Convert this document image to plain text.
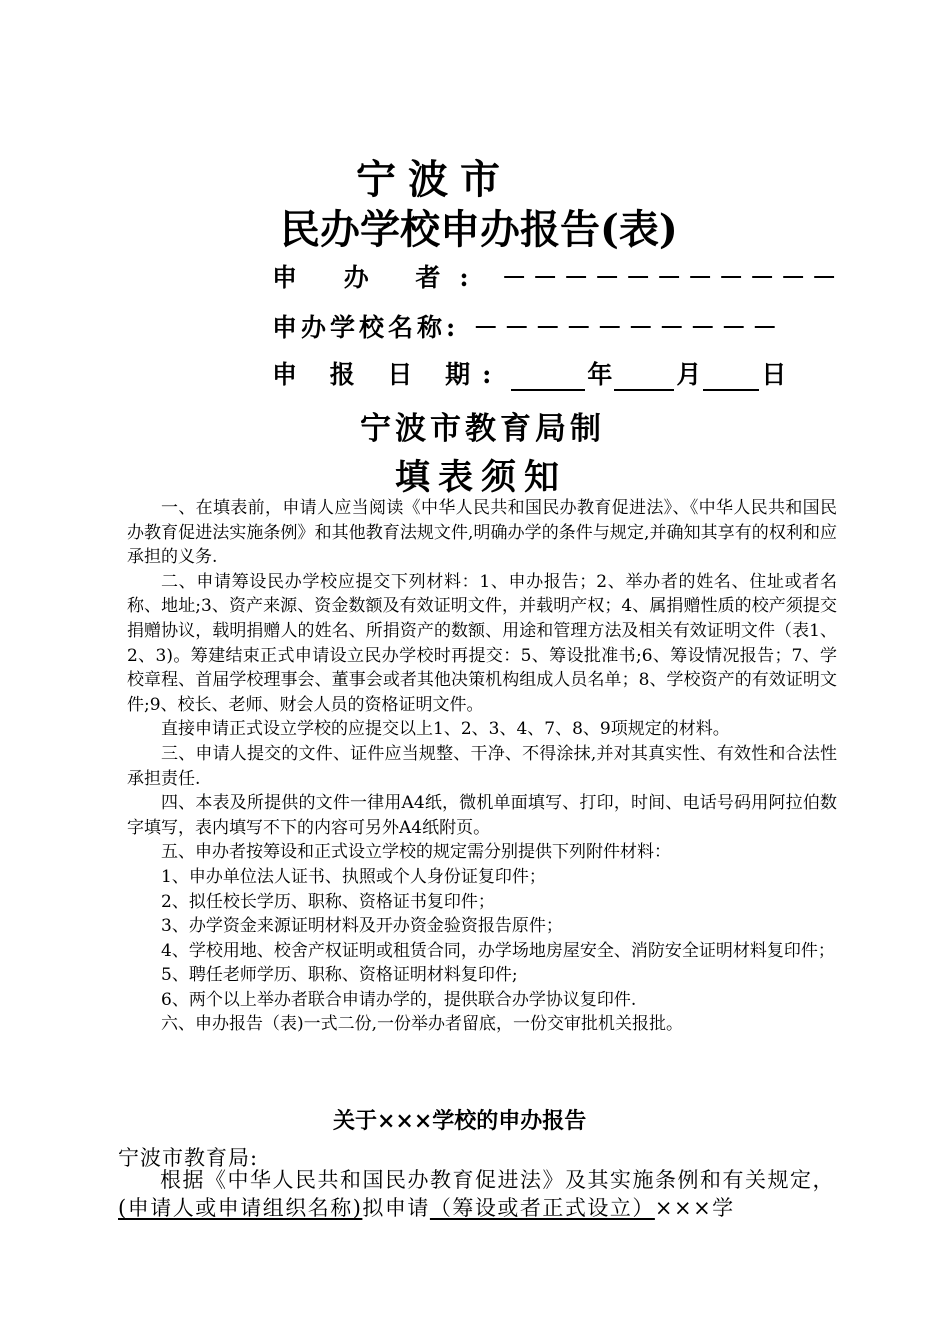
宁波市
民办学校申办报告(表)
申 办 者: －－－－－－－－－－－
申办学校名称: －－－－－－－－－－
申 报 日 期:	年	月 日
宁波市教育局制
填表须知

一、在填表前，申请人应当阅读《中华人民共和国民办教育促进法》、《中华人民共和国民办教育促进法实施条例》和其他教育法规文件,明确办学的条件与规定,并确知其享有的权利和应承担的义务.

二、申请筹设民办学校应提交下列材料：1、申办报告；2、举办者的姓名、住址或者名称、地址;3、资产来源、资金数额及有效证明文件，并载明产权；4、属捐赠性质的校产须提交捐赠协议，载明捐赠人的姓名、所捐资产的数额、用途和管理方法及相关有效证明文件（表1、2、3)。筹建结束正式申请设立民办学校时再提交：5、筹设批准书;6、筹设情况报告；7、学校章程、首届学校理事会、董事会或者其他决策机构组成人员名单；8、学校资产的有效证明文件;9、校长、老师、财会人员的资格证明文件。

直接申请正式设立学校的应提交以上1、2、3、4、7、8、9项规定的材料。

三、申请人提交的文件、证件应当规整、干净、不得涂抹,并对其真实性、有效性和合法性承担责任.

四、本表及所提供的文件一律用A4纸，微机单面填写、打印，时间、电话号码用阿拉伯数字填写，表内填写不下的内容可另外A4纸附页。

五、申办者按筹设和正式设立学校的规定需分别提供下列附件材料：

1、申办单位法人证书、执照或个人身份证复印件；

2、拟任校长学历、职称、资格证书复印件；

3、办学资金来源证明材料及开办资金验资报告原件；

4、学校用地、校舍产权证明或租赁合同，办学场地房屋安全、消防安全证明材料复印件；

5、聘任老师学历、职称、资格证明材料复印件;

6、两个以上举办者联合申请办学的，提供联合办学协议复印件.

六、申办报告（表)一式二份,一份举办者留底，一份交审批机关报批。

关于×××学校的申办报告
宁波市教育局:

根据《中华人民共和国民办教育促进法》及其实施条例和有关规定，(申请人或申请组织名称)拟申请（筹设或者正式设立）×××学
